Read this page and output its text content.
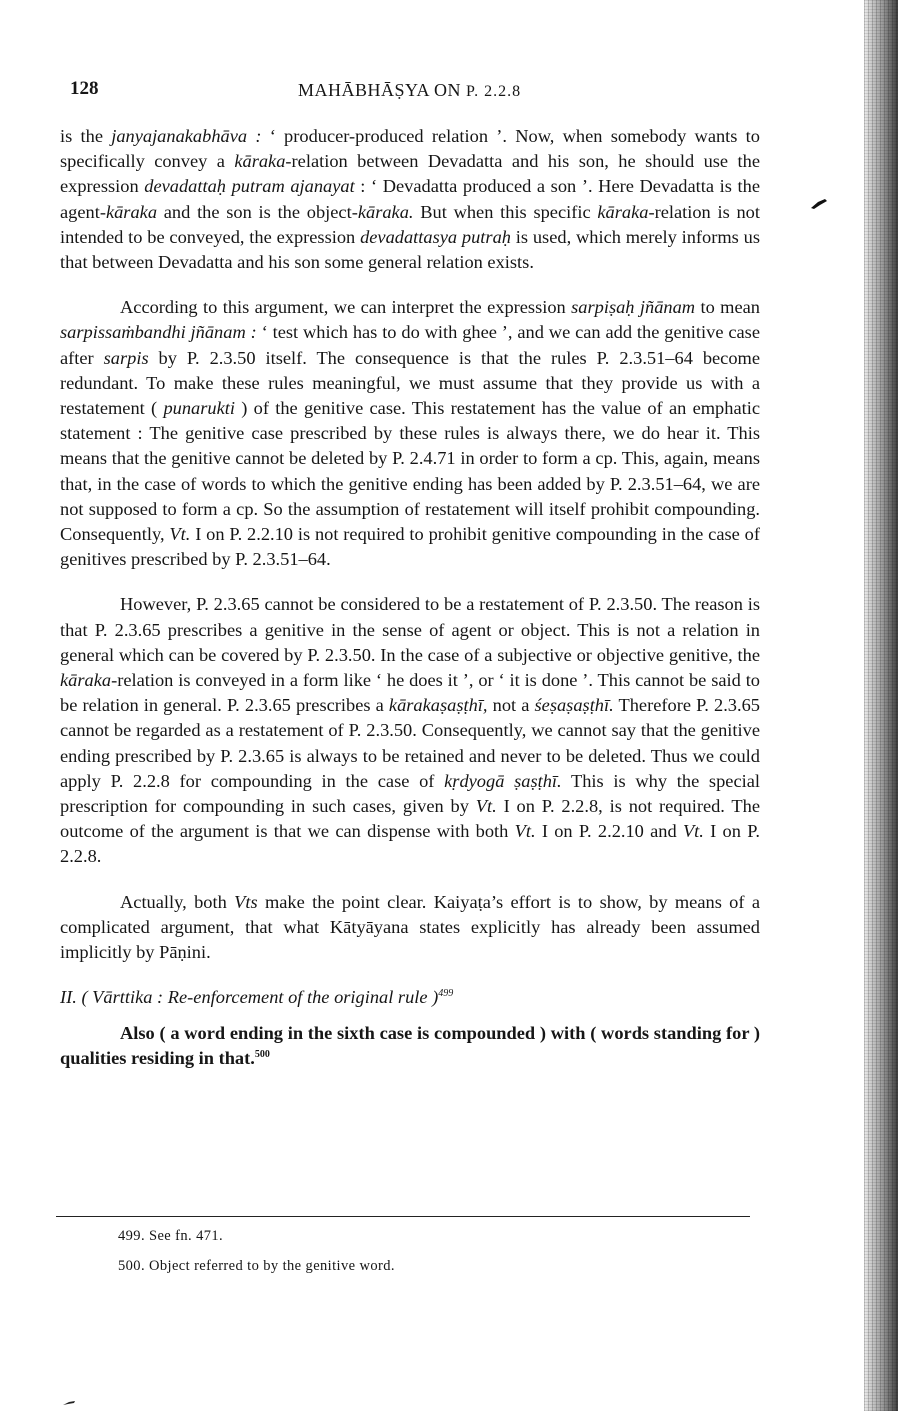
128	MAHĀBHĀṢYA ON P. 2.2.8

is the janyajanakabhāva : ‘ producer-produced relation ’. Now, when somebody wants to specifically convey a kāraka-relation between Devadatta and his son, he should use the expression devadattaḥ putram ajanayat : ‘ Devadatta produced a son ’. Here Devadatta is the agent-kāraka and the son is the object-kāraka. But when this specific kāraka-relation is not intended to be conveyed, the expression devadattasya putraḥ is used, which merely informs us that between Devadatta and his son some general relation exists.

According to this argument, we can interpret the expression sarpiṣaḥ jñānam to mean sarpissaṁbandhi jñānam : ‘ test which has to do with ghee ’, and we can add the genitive case after sarpis by P. 2.3.50 itself. The consequence is that the rules P. 2.3.51–64 become redundant. To make these rules meaningful, we must assume that they provide us with a restatement ( punarukti ) of the genitive case. This restatement has the value of an emphatic statement : The genitive case prescribed by these rules is always there, we do hear it. This means that the genitive cannot be deleted by P. 2.4.71 in order to form a cp. This, again, means that, in the case of words to which the genitive ending has been added by P. 2.3.51–64, we are not supposed to form a cp. So the assumption of restatement will itself prohibit compounding. Consequently, Vt. I on P. 2.2.10 is not required to prohibit genitive compounding in the case of genitives prescribed by P. 2.3.51–64.

However, P. 2.3.65 cannot be considered to be a restatement of P. 2.3.50. The reason is that P. 2.3.65 prescribes a genitive in the sense of agent or object. This is not a relation in general which can be covered by P. 2.3.50. In the case of a subjective or objective genitive, the kāraka-relation is conveyed in a form like ‘ he does it ’, or ‘ it is done ’. This cannot be said to be relation in general. P. 2.3.65 prescribes a kārakaṣaṣṭhī, not a śeṣaṣaṣṭhī. Therefore P. 2.3.65 cannot be regarded as a restatement of P. 2.3.50. Consequently, we cannot say that the genitive ending prescribed by P. 2.3.65 is always to be retained and never to be deleted. Thus we could apply P. 2.2.8 for compounding in the case of kṛdyogā ṣaṣṭhī. This is why the special prescription for compounding in such cases, given by Vt. I on P. 2.2.8, is not required. The outcome of the argument is that we can dispense with both Vt. I on P. 2.2.10 and Vt. I on P. 2.2.8.

Actually, both Vts make the point clear. Kaiyaṭa’s effort is to show, by means of a complicated argument, that what Kātyāyana states explicitly has already been assumed implicitly by Pāṇini.

II. ( Vārttika : Re-enforcement of the original rule )$^{499}$

Also ( a word ending in the sixth case is compounded ) with ( words standing for ) qualities residing in that.$^{500}$

499. See fn. 471.

500. Object referred to by the genitive word.
